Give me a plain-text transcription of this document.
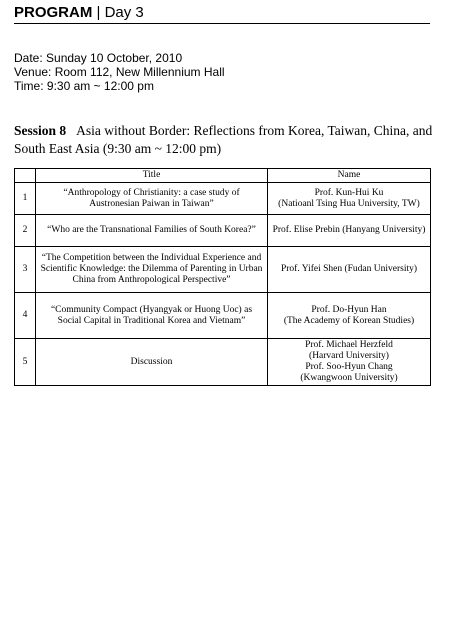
PROGRAM | Day 3
Date: Sunday 10 October, 2010
Venue: Room 112, New Millennium Hall
Time: 9:30 am ~ 12:00 pm
Session 8 Asia without Border: Reflections from Korea, Taiwan, China, and South East Asia (9:30 am ~ 12:00 pm)
	Title	Name
1	“Anthropology of Christianity: a case study of Austronesian Paiwan in Taiwan”	Prof. Kun-Hui Ku
(Natioanl Tsing Hua University, TW)

2	“Who are the Transnational Families of South Korea?”	Prof. Elise Prebin (Hanyang University)

3	“The Competition between the Individual Experience and Scientific Knowledge: the Dilemma of Parenting in Urban China from Anthropological Perspective”	Prof. Yifei Shen (Fudan University)

4	“Community Compact (Hyangyak or Huong Uoc) as Social Capital in Traditional Korea and Vietnam”	Prof. Do-Hyun Han
(The Academy of Korean Studies)

5	Discussion	Prof. Michael Herzfeld
(Harvard University)
Prof. Soo-Hyun Chang
(Kwangwoon University)
